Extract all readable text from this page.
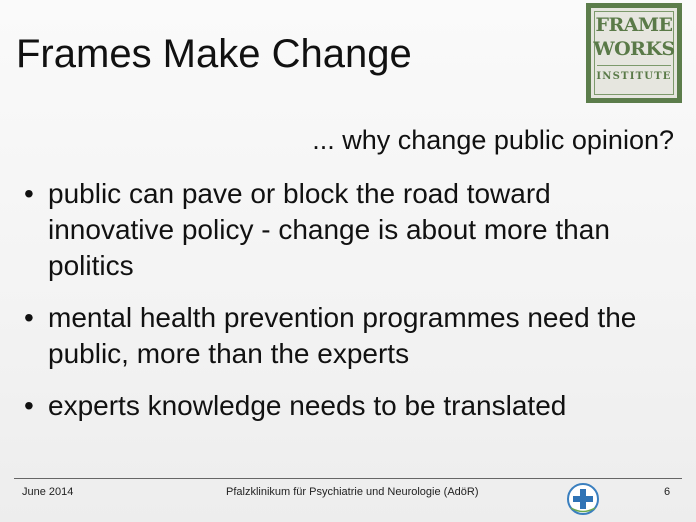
Frames Make Change
FRAME
WORKS
INSTITUTE
... why change public opinion?
• public can pave or block the road toward innovative policy - change is about more than politics
• mental health prevention programmes need the public, more than the experts
• experts knowledge needs to be translated
June 2014	Pfalzklinikum für Psychiatrie und Neurologie (AdöR)	6
